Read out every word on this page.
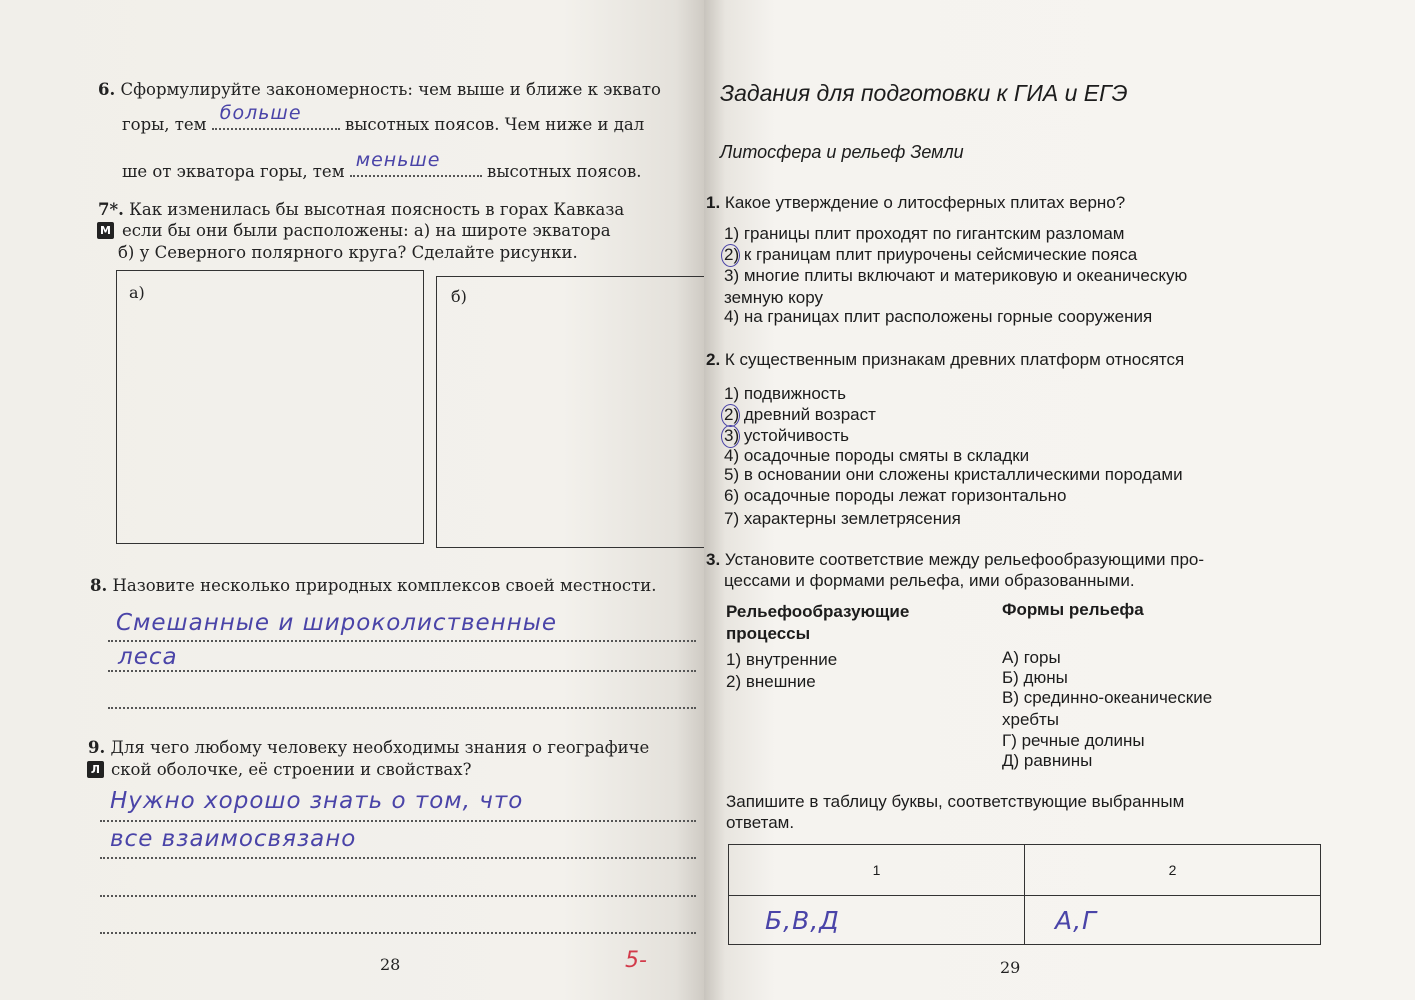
6. Сформулируйте закономерность: чем выше и ближе к эквато
горы, тем
больше
высотных поясов. Чем ниже и дал
ше от экватора горы, тем
меньше
высотных поясов.
7*. Как изменилась бы высотная поясность в горах Кавказа
М если бы они были расположены: а) на широте экватора
б) у Северного полярного круга? Сделайте рисунки.
а)	б)
8. Назовите несколько природных комплексов своей местности.
Смешанные и широколиственные
леса
9. Для чего любому человеку необходимы знания о географиче
Л ской оболочке, её строении и свойствах?
Нужно хорошо знать о том, что
все взаимосвязано
28	5-
Задания для подготовки к ГИА и ЕГЭ
Литосфера и рельеф Земли
1. Какое утверждение о литосферных плитах верно?
1) границы плит проходят по гигантским разломам
2) к границам плит приурочены сейсмические пояса
3) многие плиты включают и материковую и океаническую
земную кору
4) на границах плит расположены горные сооружения
2. К существенным признакам древних платформ относятся
1) подвижность
2) древний возраст
3) устойчивость
4) осадочные породы смяты в складки
5) в основании они сложены кристаллическими породами
6) осадочные породы лежат горизонтально
7) характерны землетрясения
3. Установите соответствие между рельефообразующими про-
цессами и формами рельефа, ими образованными.
Рельефообразующие
процессы
1) внутренние
2) внешние
Формы рельефа
А) горы
Б) дюны
В) срединно-океанические
хребты
Г) речные долины
Д) равнины
Запишите в таблицу буквы, соответствующие выбранным
ответам.
1	2
Б,В,Д	А,Г
29
